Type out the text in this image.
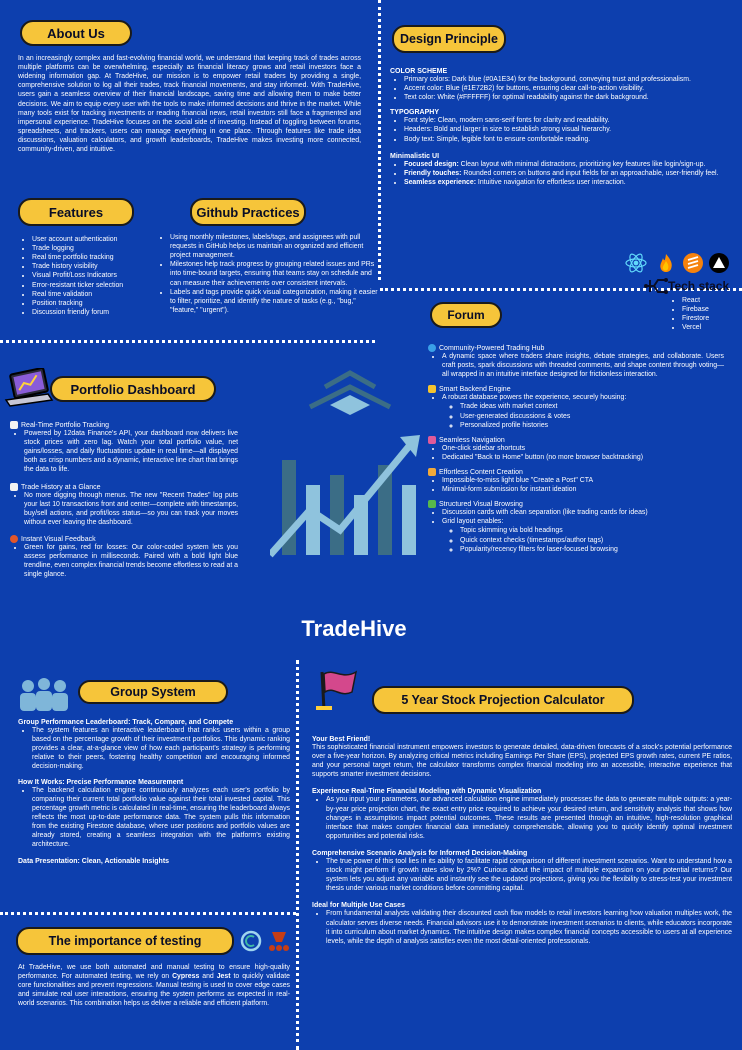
About Us
In an increasingly complex and fast-evolving financial world, we understand that keeping track of trades across multiple platforms can be overwhelming, especially as financial literacy grows and retail investors face a widening information gap. At TradeHive, our mission is to empower retail traders by providing a single, comprehensive solution to log all their trades, track financial movements, and stay informed. With TradeHive, users gain a seamless overview of their financial landscape, saving time and allowing them to make better decisions. We aim to equip every user with the tools to make informed decisions and thrive in the market. While many tools exist for tracking investments or reading financial news, retail investors still face a fragmented and impersonal experience. TradeHive focuses on the social side of investing. Instead of toggling between forums, spreadsheets, and trackers, users can manage everything in one place. Through features like trade idea discussions, valuation calculators, and growth leaderboards, TradeHive makes investing more connected, community-driven, and intuitive.
Features
• User account authentication
• Trade logging
• Real time portfolio tracking
• Trade history visibility
• Visual Profit/Loss Indicators
• Error-resistant ticker selection
• Real time validation
• Position tracking
• Discussion friendly forum
Github Practices
• Using monthly milestones, labels/tags, and assignees with pull requests in GitHub helps us maintain an organized and efficient project management.
• Milestones help track progress by grouping related issues and PRs into time-bound targets, ensuring that teams stay on schedule and can measure their achievements over consistent intervals.
• Labels and tags provide quick visual categorization, making it easier to filter, prioritize, and identify the nature of tasks (e.g., "bug," "feature," "urgent").
Design Principle
COLOR SCHEME
• Primary colors: Dark blue (#0A1E34) for the background, conveying trust and professionalism.
• Accent color: Blue (#1E72B2) for buttons, ensuring clear call-to-action visibility.
• Text color: White (#FFFFFF) for optimal readability against the dark background.
TYPOGRAPHY
• Font style: Clean, modern sans-serif fonts for clarity and readability.
• Headers: Bold and larger in size to establish strong visual hierarchy.
• Body text: Simple, legible font to ensure comfortable reading.
Minimalistic UI
• Focused design: Clean layout with minimal distractions, prioritizing key features like login/sign-up.
• Friendly touches: Rounded corners on buttons and input fields for an approachable, user-friendly feel.
• Seamless experience: Intuitive navigation for effortless user interaction.
Tech stack
• React
• Firebase
• Firestore
• Vercel
Forum
Community-Powered Trading Hub
• A dynamic space where traders share insights, debate strategies, and collaborate. Users craft posts, spark discussions with threaded comments, and shape content through voting—all wrapped in an intuitive interface designed for frictionless interaction.
Smart Backend Engine
• A robust database powers the experience, securely housing:
◦ Trade ideas with market context
◦ User-generated discussions & votes
◦ Personalized profile histories
Seamless Navigation
• One-click sidebar shortcuts
• Dedicated "Back to Home" button (no more browser backtracking)
Effortless Content Creation
• Impossible-to-miss light blue "Create a Post" CTA
• Minimal-form submission for instant ideation
Structured Visual Browsing
• Discussion cards with clean separation (like trading cards for ideas)
• Grid layout enables:
◦ Topic skimming via bold headings
◦ Quick context checks (timestamps/author tags)
◦ Popularity/recency filters for laser-focused browsing
Portfolio Dashboard
Real-Time Portfolio Tracking
• Powered by 12data Finance's API, your dashboard now delivers live stock prices with zero lag. Watch your total portfolio value, net gains/losses, and daily fluctuations update in real time—all displayed both as crisp numbers and a dynamic, interactive line chart that brings the data to life.
Trade History at a Glance
• No more digging through menus. The new "Recent Trades" log puts your last 10 transactions front and center—complete with timestamps, buy/sell actions, and profit/loss status—so you can track your moves without ever leaving the dashboard.
Instant Visual Feedback
• Green for gains, red for losses: Our color-coded system lets you assess performance in milliseconds. Paired with a bold light blue trendline, even complex financial trends become effortless to read at a single glance.
TradeHive
Group System
Group Performance Leaderboard: Track, Compare, and Compete
• The system features an interactive leaderboard that ranks users within a group based on the percentage growth of their investment portfolios. This dynamic ranking provides a clear, at-a-glance view of how each participant's strategy is performing relative to their peers, fostering healthy competition and encouraging informed decision-making.
How It Works: Precise Performance Measurement
• The backend calculation engine continuously analyzes each user's portfolio by comparing their current total portfolio value against their total invested capital. This percentage growth metric is calculated in real-time, ensuring the leaderboard always reflects the most up-to-date performance data. The system pulls this information from the existing Firestore database, where user positions and portfolio values are already stored, creating a seamless integration with the platform's existing architecture.
Data Presentation: Clean, Actionable Insights
The importance of testing
At TradeHive, we use both automated and manual testing to ensure high-quality performance. For automated testing, we rely on Cypress and Jest to quickly validate core functionalities and prevent regressions. Manual testing is used to cover edge cases and simulate real user interactions, ensuring the system performs as expected in real-world scenarios. This combination helps us deliver a reliable and efficient platform.
5 Year Stock Projection Calculator
Your Best Friend!
This sophisticated financial instrument empowers investors to generate detailed, data-driven forecasts of a stock's potential performance over a five-year horizon. By analyzing critical metrics including Earnings Per Share (EPS), projected EPS growth rates, current PE ratios, and your personal target return, the calculator transforms complex financial modeling into an accessible, interactive experience that supports smarter investment decisions.
Experience Real-Time Financial Modeling with Dynamic Visualization
• As you input your parameters, our advanced calculation engine immediately processes the data to generate multiple outputs: a year-by-year price projection chart, the exact entry price required to achieve your desired return, and sensitivity analysis that shows how changes in assumptions impact potential outcomes. These results are presented through an intuitive, high-resolution graphical interface that makes complex financial data immediately comprehensible, allowing you to quickly identify optimal investment opportunities and potential risks.
Comprehensive Scenario Analysis for Informed Decision-Making
• The true power of this tool lies in its ability to facilitate rapid comparison of different investment scenarios. Want to understand how a stock might perform if growth rates slow by 2%? Curious about the impact of multiple expansion on your potential returns? Our system lets you adjust any variable and instantly see the updated projections, giving you the flexibility to stress-test your investment thesis under various market conditions before committing capital.
Ideal for Multiple Use Cases
• From fundamental analysts validating their discounted cash flow models to retail investors learning how valuation multiples work, the calculator serves diverse needs. Financial advisors use it to demonstrate investment scenarios to clients, while educators incorporate it into curriculum about market dynamics. The intuitive design makes complex financial concepts accessible to users at all experience levels, while the depth of analysis satisfies even the most detail-oriented professionals.
